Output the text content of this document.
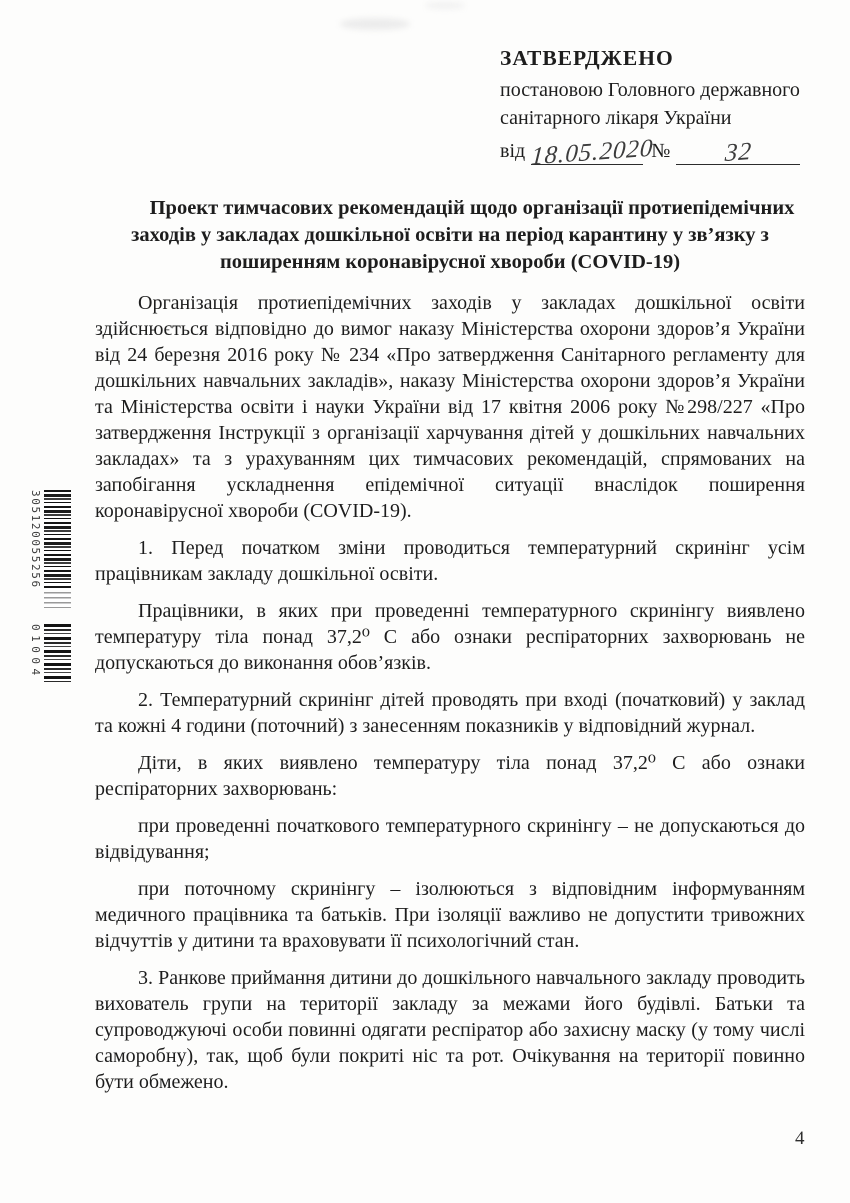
305120055256
01004
ЗАТВЕРДЖЕНО
постановою Головного державного
санітарного лікаря України
від 18.05.2020
№	32
Проект тимчасових рекомендацій щодо організації протиепідемічних заходів у закладах дошкільної освіти на період карантину у зв’язку з поширенням коронавірусної хвороби (COVID-19)

Організація протиепідемічних заходів у закладах дошкільної освіти здійснюється відповідно до вимог наказу Міністерства охорони здоров’я України від 24 березня 2016 року № 234 «Про затвердження Санітарного регламенту для дошкільних навчальних закладів», наказу Міністерства охорони здоров’я України та Міністерства освіти і науки України від 17 квітня 2006 року №298/227 «Про затвердження Інструкції з організації харчування дітей у дошкільних навчальних закладах» та з урахуванням цих тимчасових рекомендацій, спрямованих на запобігання ускладнення епідемічної ситуації внаслідок поширення коронавірусної хвороби (COVID-19).

1. Перед початком зміни проводиться температурний скринінг усім працівникам закладу дошкільної освіти.

Працівники, в яких при проведенні температурного скринінгу виявлено температуру тіла понад 37,2⁰ С або ознаки респіраторних захворювань не допускаються до виконання обов’язків.

2. Температурний скринінг дітей проводять при вході (початковий) у заклад та кожні 4 години (поточний) з занесенням показників у відповідний журнал.

Діти, в яких виявлено температуру тіла понад 37,2⁰ С або ознаки респіраторних захворювань:

при проведенні початкового температурного скринінгу – не допускаються до відвідування;

при поточному скринінгу – ізолюються з відповідним інформуванням медичного працівника та батьків. При ізоляції важливо не допустити тривожних відчуттів у дитини та враховувати її психологічний стан.

3. Ранкове приймання дитини до дошкільного навчального закладу проводить вихователь групи на території закладу за межами його будівлі. Батьки та супроводжуючі особи повинні одягати респіратор або захисну маску (у тому числі саморобну), так, щоб були покриті ніс та рот. Очікування на території повинно бути обмежено.

4
